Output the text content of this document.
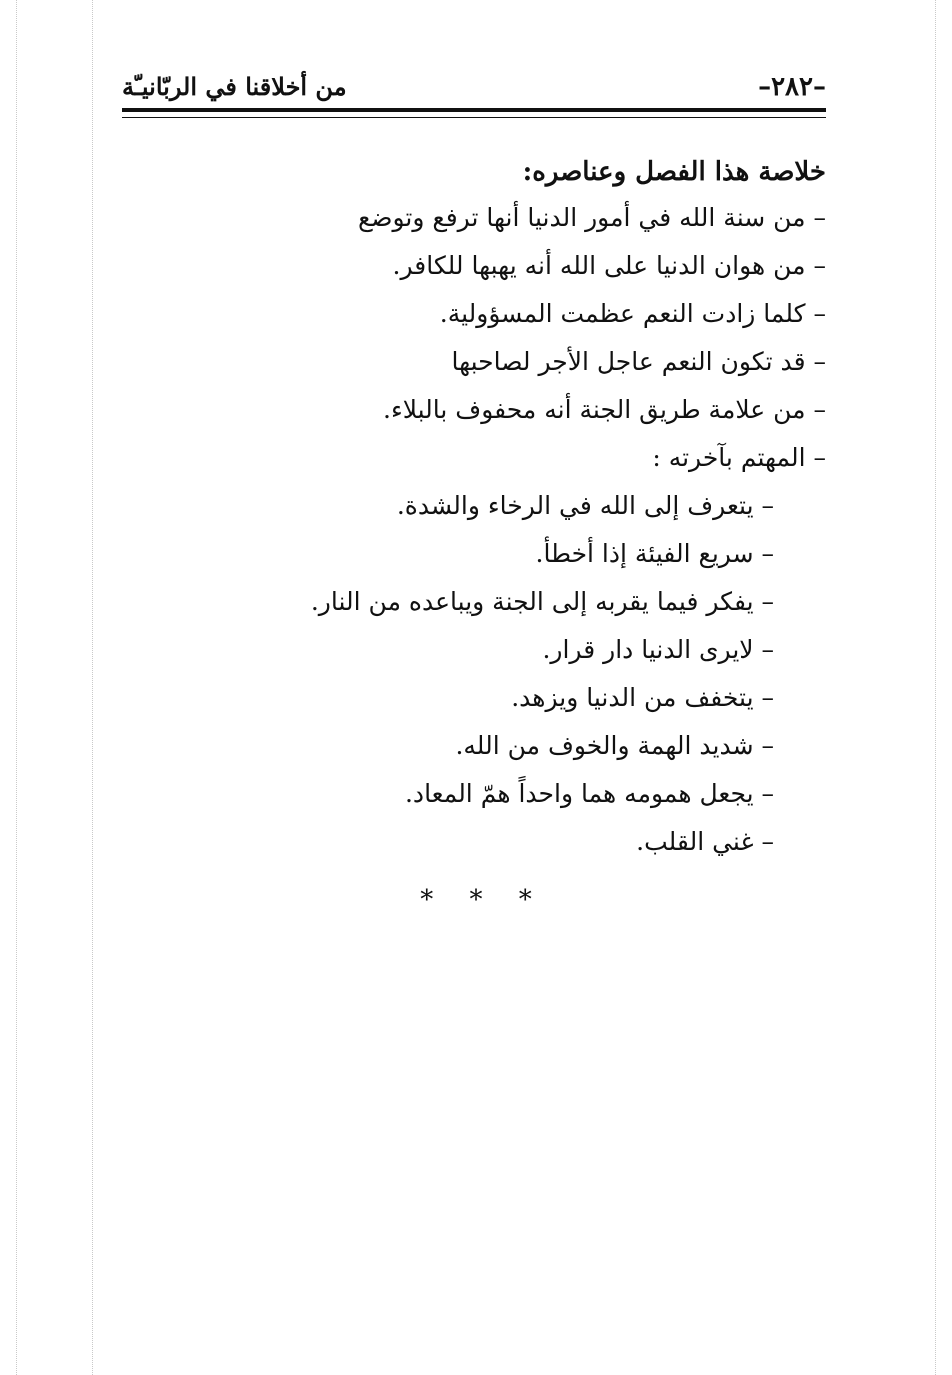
–٢٨٢–
من أخلاقنا في الربّانيـّة
خلاصة هذا الفصل وعناصره:
– من سنة الله في أمور الدنيا أنها ترفع وتوضع
– من هوان الدنيا على الله أنه يهبها للكافر.
– كلما زادت النعم عظمت المسؤولية.
– قد تكون النعم عاجل الأجر لصاحبها
– من علامة طريق الجنة أنه محفوف بالبلاء.
– المهتم بآخرته :
– يتعرف إلى الله في الرخاء والشدة.
– سريع الفيئة إذا أخطأ.
– يفكر فيما يقربه إلى الجنة ويباعده من النار.
– لايرى الدنيا دار قرار.
– يتخفف من الدنيا ويزهد.
– شديد الهمة والخوف من الله.
– يجعل همومه هما واحداً همّ المعاد.
– غني القلب.
* * *
